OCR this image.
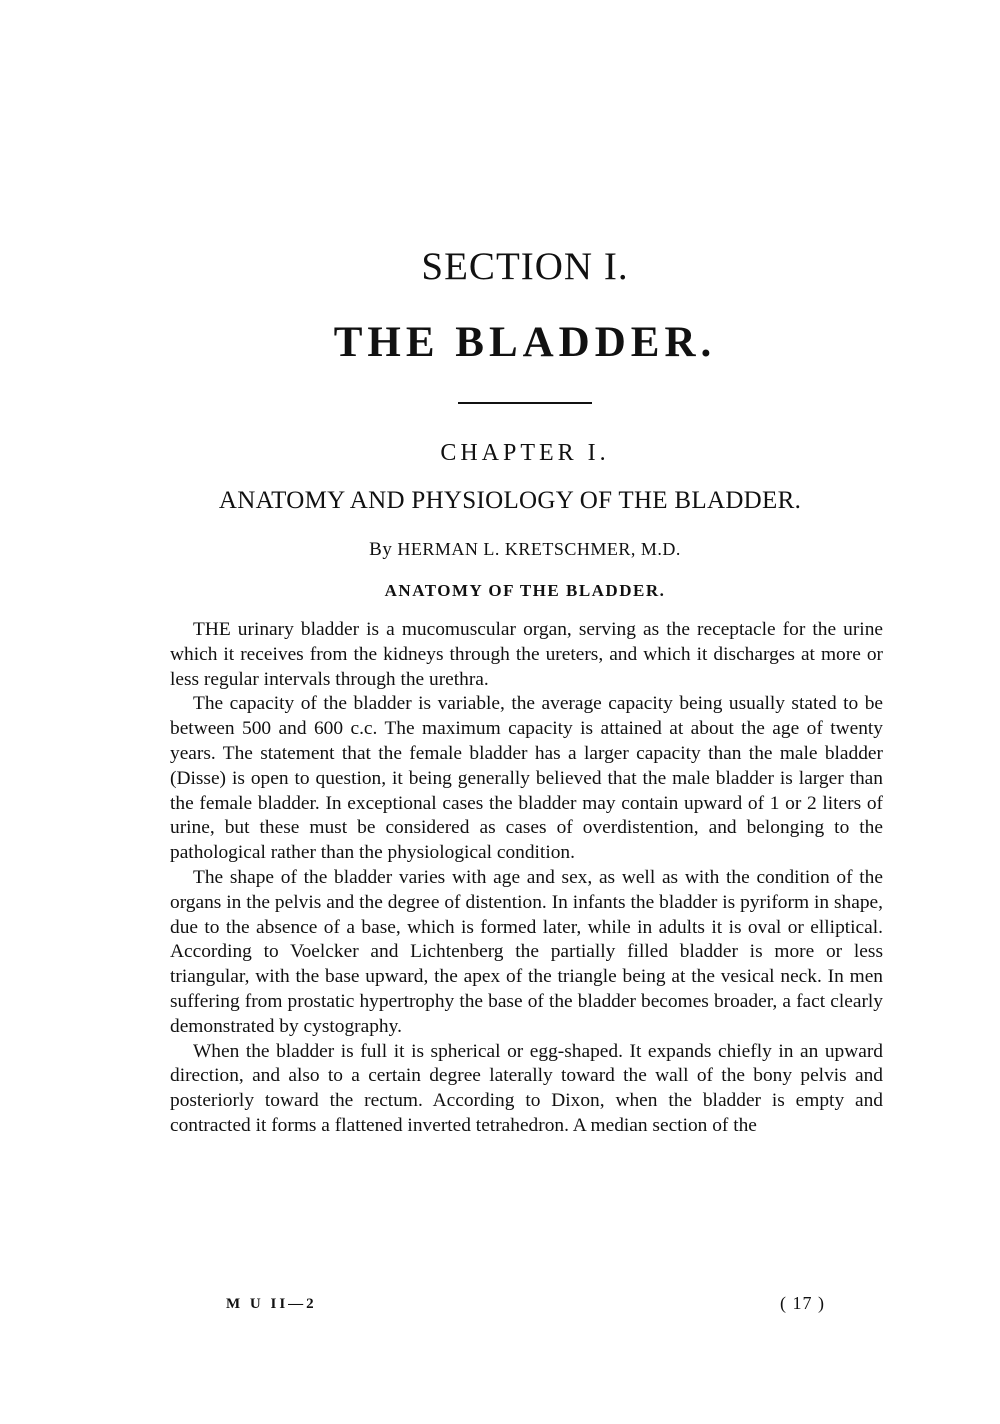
SECTION I.
THE BLADDER.
CHAPTER I.
ANATOMY AND PHYSIOLOGY OF THE BLADDER.
By HERMAN L. KRETSCHMER, M.D.
ANATOMY OF THE BLADDER.

THE urinary bladder is a mucomuscular organ, serving as the receptacle for the urine which it receives from the kidneys through the ureters, and which it discharges at more or less regular intervals through the urethra.

The capacity of the bladder is variable, the average capacity being usually stated to be between 500 and 600 c.c. The maximum capacity is attained at about the age of twenty years. The statement that the female bladder has a larger capacity than the male bladder (Disse) is open to question, it being generally believed that the male bladder is larger than the female bladder. In exceptional cases the bladder may contain upward of 1 or 2 liters of urine, but these must be considered as cases of overdistention, and belonging to the pathological rather than the physiological condition.

The shape of the bladder varies with age and sex, as well as with the condition of the organs in the pelvis and the degree of distention. In infants the bladder is pyriform in shape, due to the absence of a base, which is formed later, while in adults it is oval or elliptical. According to Voelcker and Lichtenberg the partially filled bladder is more or less triangular, with the base upward, the apex of the triangle being at the vesical neck. In men suffering from prostatic hypertrophy the base of the bladder becomes broader, a fact clearly demonstrated by cystography.

When the bladder is full it is spherical or egg-shaped. It expands chiefly in an upward direction, and also to a certain degree laterally toward the wall of the bony pelvis and posteriorly toward the rectum. According to Dixon, when the bladder is empty and contracted it forms a flattened inverted tetrahedron. A median section of the

M U II—2	( 17 )
